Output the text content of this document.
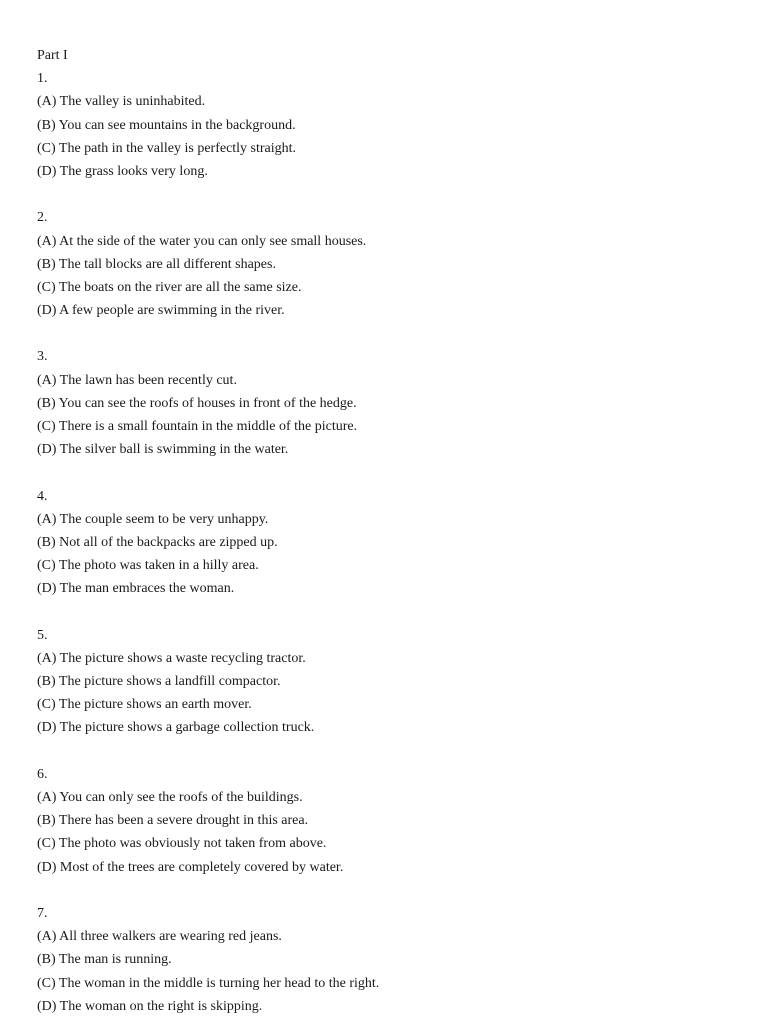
Part I
1.
(A) The valley is uninhabited.
(B) You can see mountains in the background.
(C) The path in the valley is perfectly straight.
(D) The grass looks very long.
2.
(A) At the side of the water you can only see small houses.
(B) The tall blocks are all different shapes.
(C) The boats on the river are all the same size.
(D) A few people are swimming in the river.
3.
(A) The lawn has been recently cut.
(B) You can see the roofs of houses in front of the hedge.
(C) There is a small fountain in the middle of the picture.
(D) The silver ball is swimming in the water.
4.
(A) The couple seem to be very unhappy.
(B) Not all of the backpacks are zipped up.
(C) The photo was taken in a hilly area.
(D) The man embraces the woman.
5.
(A) The picture shows a waste recycling tractor.
(B) The picture shows a landfill compactor.
(C) The picture shows an earth mover.
(D) The picture shows a garbage collection truck.
6.
(A) You can only see the roofs of the buildings.
(B) There has been a severe drought in this area.
(C) The photo was obviously not taken from above.
(D) Most of the trees are completely covered by water.
7.
(A) All three walkers are wearing red jeans.
(B) The man is running.
(C) The woman in the middle is turning her head to the right.
(D) The woman on the right is skipping.
